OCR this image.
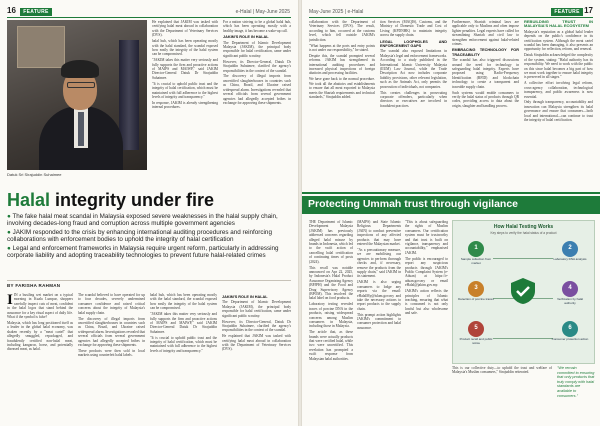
16 FEATURE	e-Halal | May-June 2025
Datuk Sri Sirajuddin Suhaimee

He explained that JAKIM was tasked with certifying halal meat abroad in collaboration with the Department of Veterinary Services (DVS).

halal hub, which has been operating mostly with the halal standard, the scandal exposed how easily the integrity of the halal system can be compromised.

"JAKIM takes this matter very seriously and fully supports the firm and proactive actions of MAIPS and MAIWP," said JAKIM Director-General Datuk Dr Sirajuddin Suhaimee.

"It is crucial to uphold public trust and the integrity of halal certification, which must be maintained with full adherence to the highest levels of integrity and transparency."

In response, JAKIM is already strengthening internal procedures.

For a nation striving to be a global halal hub, which has been operating mostly with a healthy image, it has become a wake-up call.

JAKIM'S ROLE IN HALAL

The Department of Islamic Development Malaysia (JAKIM), the principal body responsible for halal certification, came under significant public scrutiny.

However, its Director-General, Datuk Dr Sirajuddin Suhaimee, clarified the agency's responsibilities in the context of the scandal.

The discovery of illegal imports from uncertified slaughterhouses in countries such as China, Brazil, and Ukraine raised widespread alarm. Investigations revealed that several officials from several government agencies had allegedly accepted bribes in exchange for approving these shipments.

Halal integrity under fire
● The fake halal meat scandal in Malaysia exposed severe weaknesses in the halal supply chain, involving decades-long fraud and corruption across multiple government agencies
● JAKIM responded to the crisis by enhancing international auditing procedures and reinforcing collaborations with enforcement bodies to uphold the integrity of halal certification
● Legal and enforcement frameworks in Malaysia require urgent reform, particularly in addressing corporate liability and adopting traceability technologies to prevent future halal-related crimes
BY FARISHA RAHMAN

IIN a bustling wet market on a typical morning in Kuala Lumpur, shoppers carefully inspect cuts of meat, confident in the halal logos that stand behind the assurance for a key ritual aspect of daily life. What if the symbol is false?

Malaysia, which has long positioned itself as a leader in the global halal economy, was shaken recently by a "meat cartel" that allegedly smuggled, repackaged, and fraudulently certified non-halal meat, including kangaroo, horse, and potentially diseased meat, as halal.

The scandal believed to have operated for up to four decades, severely undermined consumer confidence and raised critical concerns about the integrity of Malaysia's halal supply chain.

The discovery of illegal imports from uncertified slaughterhouses in countries such as China, Brazil, and Ukraine raised widespread alarm. Investigations revealed that several officials from several government agencies had allegedly accepted bribes in exchange for approving these shipments.

These products were then sold in local markets using counterfeit halal labels.

halal hub, which has been operating mostly with the halal standard, the scandal exposed how easily the integrity of the halal system can be compromised.

"JAKIM takes this matter very seriously and fully supports the firm and proactive actions of MAIPS and MAIWP," said JAKIM Director-General Datuk Dr Sirajuddin Suhaimee.

"It is crucial to uphold public trust and the integrity of halal certification, which must be maintained with full adherence to the highest levels of integrity and transparency."

JAKIM'S ROLE IN HALAL

The Department of Islamic Development Malaysia (JAKIM), the principal body responsible for halal certification, came under significant public scrutiny.

However, its Director-General, Datuk Dr Sirajuddin Suhaimee, clarified the agency's responsibilities in the context of the scandal.

He explained that JAKIM was tasked with certifying halal meat abroad in collaboration with the Department of Veterinary Services (DVS).

May-June 2025 | e-Halal	FEATURE 17

collaboration with the Department of Veterinary Services (DVS). The result, according to him, occurred at the customs level, which fell outside JAKIM's jurisdiction.

"What happens at the ports and entry points is not under our responsibility," he stated.

Despite this, the scandal prompted several reforms. JAKIM has strengthened its international auditing procedures and increased physical inspections of foreign abattoirs and processing facilities.

We have gone back to the normal procedure. We took all the abattoirs and establishments to ensure that all meat exported to Malaysia meets the Shariah requirements and technical standards," Sirajuddin added.

tion Services (MAQIS), Customs, and the Ministry of Domestic Trade and Cost of Living (KPDNHK) to maintain integrity across the supply chain.

LEGAL LOOPHOLES AND ENFORCEMENT GAPS

The scandal also exposed limitations in Malaysia's legal and enforcement frameworks. According to a study published in the International Islamic University Malaysia (IIUM) Law Journal, while the Trade Description Act now includes corporate liability provisions, other relevant legislation, such as the Animals Act, only permits the prosecution of individuals, not companies.

This creates challenges in prosecuting corporate offenders, particularly when directors or executives are involved in fraudulent practices.

Furthermore, Shariah criminal laws are applicable only to Muslims and often impose lighter penalties. Legal experts have called for streamlining Shariah and civil law to strengthen enforcement against halal-related crimes.

EMBRACING TECHNOLOGY FOR TRACEABILITY

The scandal has also triggered discussions around the need for technology in safeguarding halal integrity. Experts have proposed using Radio-Frequency Identification (RFID) and blockchain technology to create a transparent and traceable supply chain.

Such systems would enable consumers to verify the halal status of products through QR codes, providing access to data about the origin, slaughter and handling process.

REBUILDING TRUST IN MALAYSIA'S HALAL ECOSYSTEM

Malaysia's reputation as a global halal leader depends on the public's confidence in its certification system. Although the meat cartel scandal has been damaging, it also presents an opportunity for reflection, reform, and renewal.

Datuk Sirajuddin acknowledged the complexity of the system, stating: "Halal authority has its responsibility. We need to work with the public on this since halal becomes a big part of how we must work together to ensure halal integrity is preserved in all stages."

A collective effort involving legal reform, cross-agency collaboration, technological transparency, and public awareness is now essential.

Only through transparency, accountability and innovation can Malaysia strengthen its halal governance and ensure that consumers—both local and international—can continue to trust the integrity of halal certification.

Protecting Ummah trust through vigilance

THE Department of Islamic Development Malaysia (JAKIM) has previously addressed concerns regarding alleged halal misuse by brands in Indonesia, which led to the swift action of cancelling halal certification of continuing times of posts (2024).

This recall was notable announced on Apr 22, 2025, by Indonesia's Halal Product Assurance Organizing Agency (BPJPH) and the Food and Drug Supervisory Agency (BPOM). This involved the halal label on food products.

Laboratory testing revealed traces of porcine DNA in the products, raising widespread concerns among Muslim consumers in Malaysia, including those in Malaysia.

The article that, as these brands were actually products that were certified halal, while two were uncertified. This revelation has prompted a swift response from Malaysian halal authorities.

(MAIPS) and State Islamic Religious Departments (JAIN) to conduct preventive inspections of any affected products that may have entered the Malaysian market.

"As a precautionary measure, we are mobilising our agencies to perform thorough checks and, if necessary, remove the products from the supply chain," said JAKIM in its statement.

JAKIM is also urging consumers to lodge any reports via the email: eHalalMy@islam.gov.my and take the necessary actions to report products to the supply chain.

This prompt action highlights JAKIM's commitment to consumer protection and halal assurance.

"This is about safeguarding the rights of Muslim consumers. Our certification system must be trustworthy and that trust is built on vigilance, transparency and accountability," emphasised JAKIM.

The public is encouraged to report any suspicious products through JAKIM's Public Complaint System (e-Aduan) at https://e-aduan.gov.my or email eHalal@jakim.gov.my.

JAKIM's action reflects the principles of Islamic teaching, ensuring that what is consumed is not only lawful but also wholesome and safe.

How Halal Testing Works
Key steps to verify the halal status of a product
1
Sample collection from market
2
Laboratory DNA analysis
3
Detection of porcine traces
4
Verification by halal authority
5
Product recall and public notice
6
Consumer protection action

This is our collective duty—to uphold the trust and welfare of Malaysia's Muslim consumers," Sirajuddin reiterated.

"We remain committed to ensuring that only products that truly comply with halal standards are available to consumers."
